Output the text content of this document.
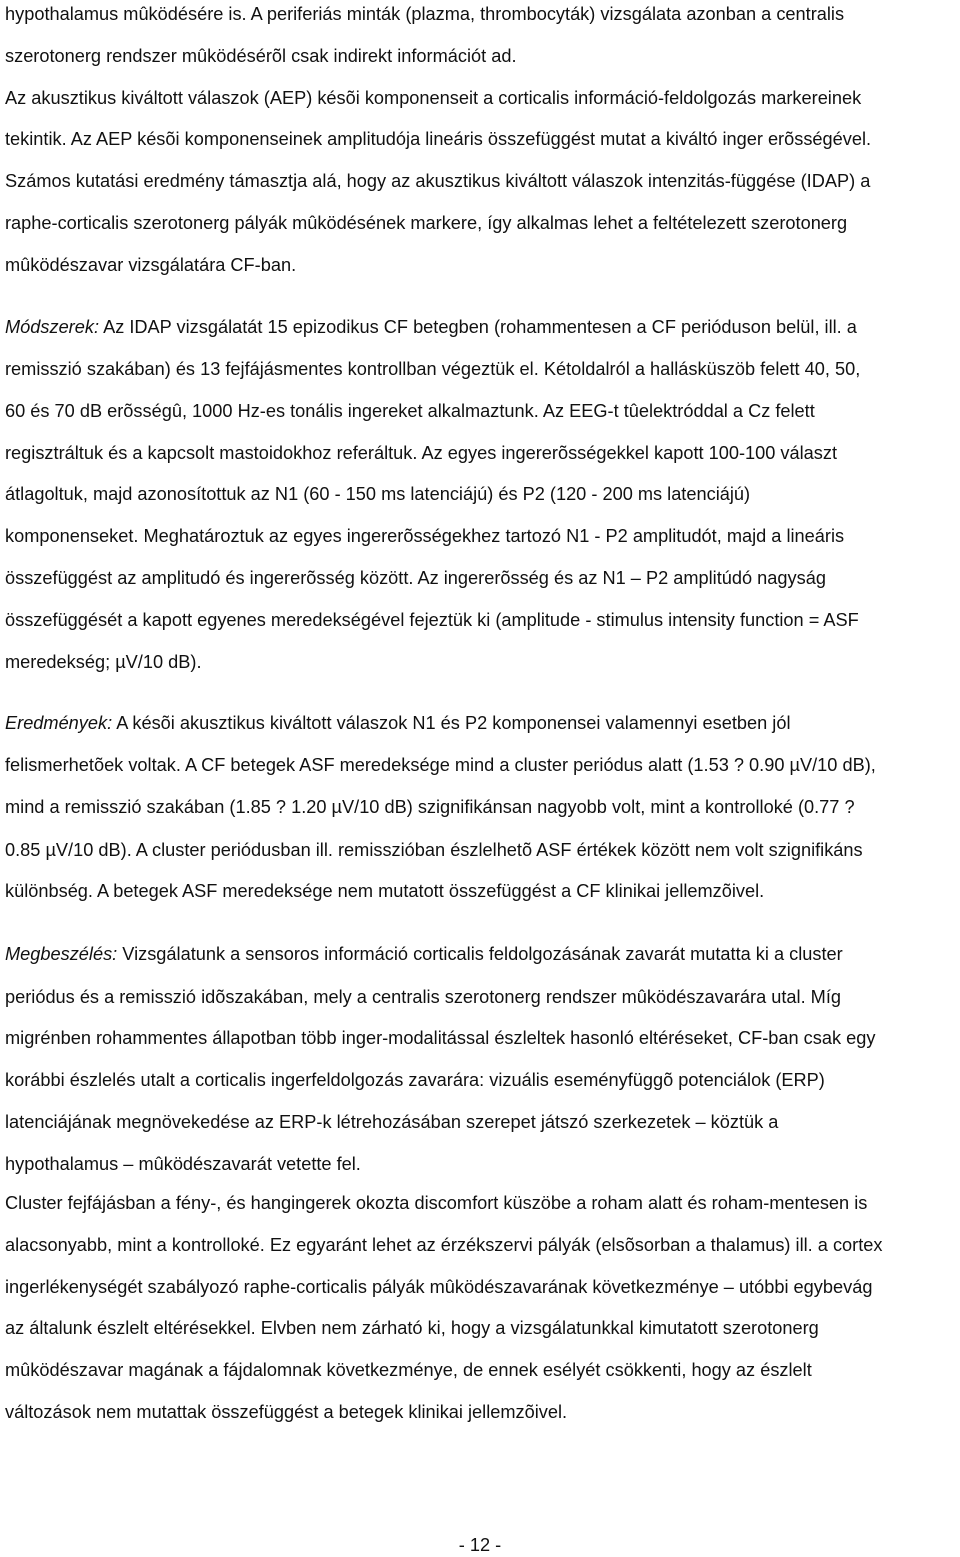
hypothalamus mûködésére is. A periferiás minták (plazma, thrombocyták) vizsgálata azonban a centralis
szerotonerg rendszer mûködésérõl csak indirekt információt ad.
Az akusztikus kiváltott válaszok (AEP) késõi komponenseit a corticalis információ-feldolgozás markereinek
tekintik. Az AEP késõi komponenseinek amplitudója lineáris összefüggést mutat a kiváltó inger erõsségével.
Számos kutatási eredmény támasztja alá, hogy az akusztikus kiváltott válaszok intenzitás-függése (IDAP) a
raphe-corticalis szerotonerg pályák mûködésének markere, így alkalmas lehet a feltételezett szerotonerg
mûködészavar vizsgálatára CF-ban.
Módszerek: Az IDAP vizsgálatát 15 epizodikus CF betegben (rohammentesen a CF perióduson belül, ill. a
remisszió szakában) és 13 fejfájásmentes kontrollban végeztük el. Kétoldalról a hallásküszöb felett 40, 50,
60 és 70 dB erõsségû, 1000 Hz-es tonális ingereket alkalmaztunk. Az EEG-t tûelektróddal a Cz felett
regisztráltuk és a kapcsolt mastoidokhoz referáltuk. Az egyes ingererõsségekkel kapott 100-100 választ
átlagoltuk, majd azonosítottuk az N1 (60 - 150 ms latenciájú) és P2 (120 - 200 ms latenciájú)
komponenseket. Meghatároztuk az egyes ingererõsségekhez tartozó N1 - P2 amplitudót, majd a lineáris
összefüggést az amplitudó és ingererõsség között. Az ingererõsség és az N1 – P2 amplitúdó nagyság
összefüggését a kapott egyenes meredekségével fejeztük ki (amplitude - stimulus intensity function = ASF
meredekség; µV/10 dB).
Eredmények: A késõi akusztikus kiváltott válaszok N1 és P2 komponensei valamennyi esetben jól
felismerhetõek voltak. A CF betegek ASF meredeksége mind a cluster periódus alatt (1.53 ? 0.90 µV/10 dB),
mind a remisszió szakában (1.85 ? 1.20 µV/10 dB) szignifikánsan nagyobb volt, mint a kontrolloké (0.77 ?
0.85 µV/10 dB). A cluster periódusban ill. remisszióban észlelhetõ ASF értékek között nem volt szignifikáns
különbség. A betegek ASF meredeksége nem mutatott összefüggést a CF klinikai jellemzõivel.
Megbeszélés: Vizsgálatunk a sensoros információ corticalis feldolgozásának zavarát mutatta ki a cluster
periódus és a remisszió idõszakában, mely a centralis szerotonerg rendszer mûködészavarára utal. Míg
migrénben rohammentes állapotban több inger-modalitással észleltek hasonló eltéréseket, CF-ban csak egy
korábbi észlelés utalt a corticalis ingerfeldolgozás zavarára: vizuális eseményfüggõ potenciálok (ERP)
latenciájának megnövekedése az ERP-k létrehozásában szerepet játszó szerkezetek – köztük a
hypothalamus – mûködészavarát vetette fel.
Cluster fejfájásban a fény-, és hangingerek okozta discomfort küszöbe a roham alatt és roham-mentesen is
alacsonyabb, mint a kontrolloké. Ez egyaránt lehet az érzékszervi pályák (elsõsorban a thalamus) ill. a cortex
ingerlékenységét szabályozó raphe-corticalis pályák mûködészavarának következménye – utóbbi egybevág
az általunk észlelt eltérésekkel. Elvben nem zárható ki, hogy a vizsgálatunkkal kimutatott szerotonerg
mûködészavar magának a fájdalomnak következménye, de ennek esélyét csökkenti, hogy az észlelt
változások nem mutattak összefüggést a betegek klinikai jellemzõivel.
- 12 -
